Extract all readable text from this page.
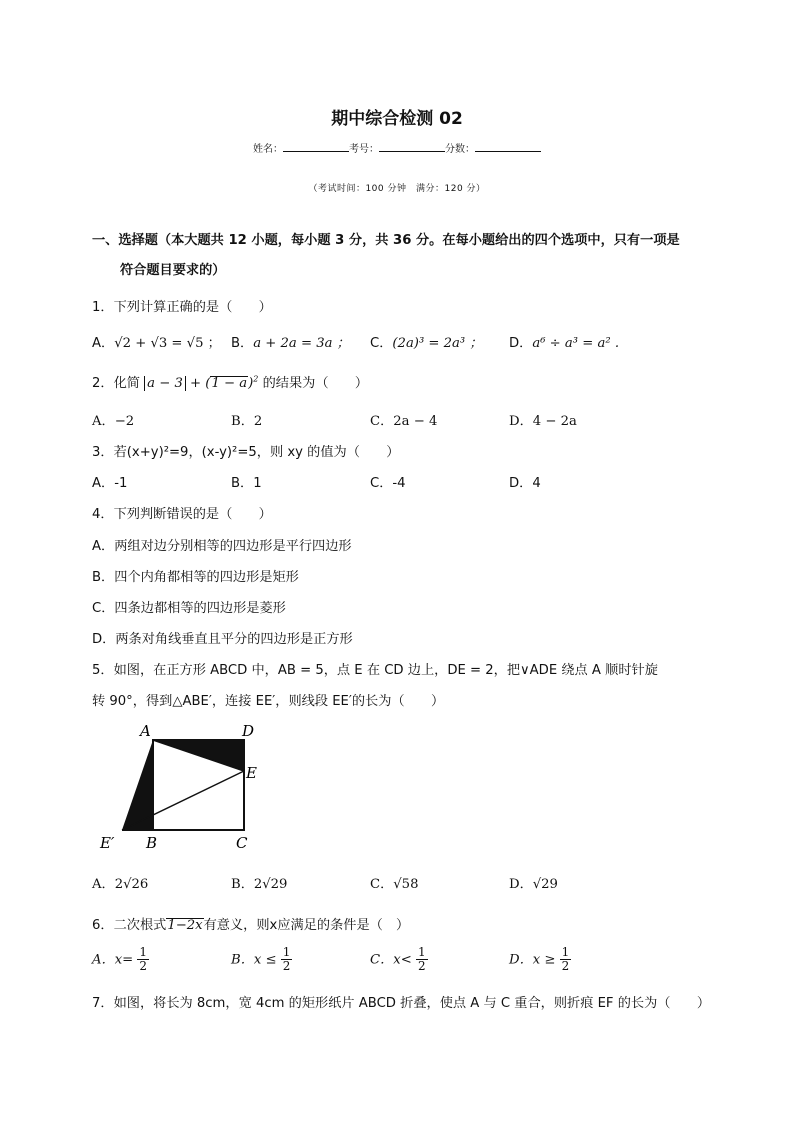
期中综合检测 02
姓名：	考号：	分数：
（考试时间：100 分钟　满分：120 分）
一、选择题（本大题共 12 小题，每小题 3 分，共 36 分。在每小题给出的四个选项中，只有一项是
符合题目要求的）
1．下列计算正确的是（　　）
A．√2 + √3 = √5 ； B．a + 2a = 3a ； C．(2a)³ = 2a³ ； D．a⁶ ÷ a³ = a² .
2．化简 $a - 3 + (1 - a)^2$ 的结果为（　　）
A．−2	B．2	C．2a − 4	D．4 − 2a
3．若(x+y)²=9，(x-y)²=5，则 xy 的值为（　　）
A．-1	B．1	C．-4	D．4
4．下列判断错误的是（　　）
A．两组对边分别相等的四边形是平行四边形
B．四个内角都相等的四边形是矩形
C．四条边都相等的四边形是菱形
D．两条对角线垂直且平分的四边形是正方形
5．如图，在正方形 ABCD 中，AB = 5，点 E 在 CD 边上，DE = 2，把∨ADE 绕点 A 顺时针旋
转 90°，得到△ABE′，连接 EE′，则线段 EE′的长为（　　）
A	D
E
B	C
E′
A．2√26	B．2√29	C．√58	D．√29
6．二次根式1−2x有意义，则x应满足的条件是（　）
A．$x= \frac{1}{2}$	B．$x \le \frac{1}{2}$	C．$x< \frac{1}{2}$	D．$x \ge \frac{1}{2}$
7．如图，将长为 8cm，宽 4cm 的矩形纸片 ABCD 折叠，使点 A 与 C 重合，则折痕 EF 的长为（　　）
